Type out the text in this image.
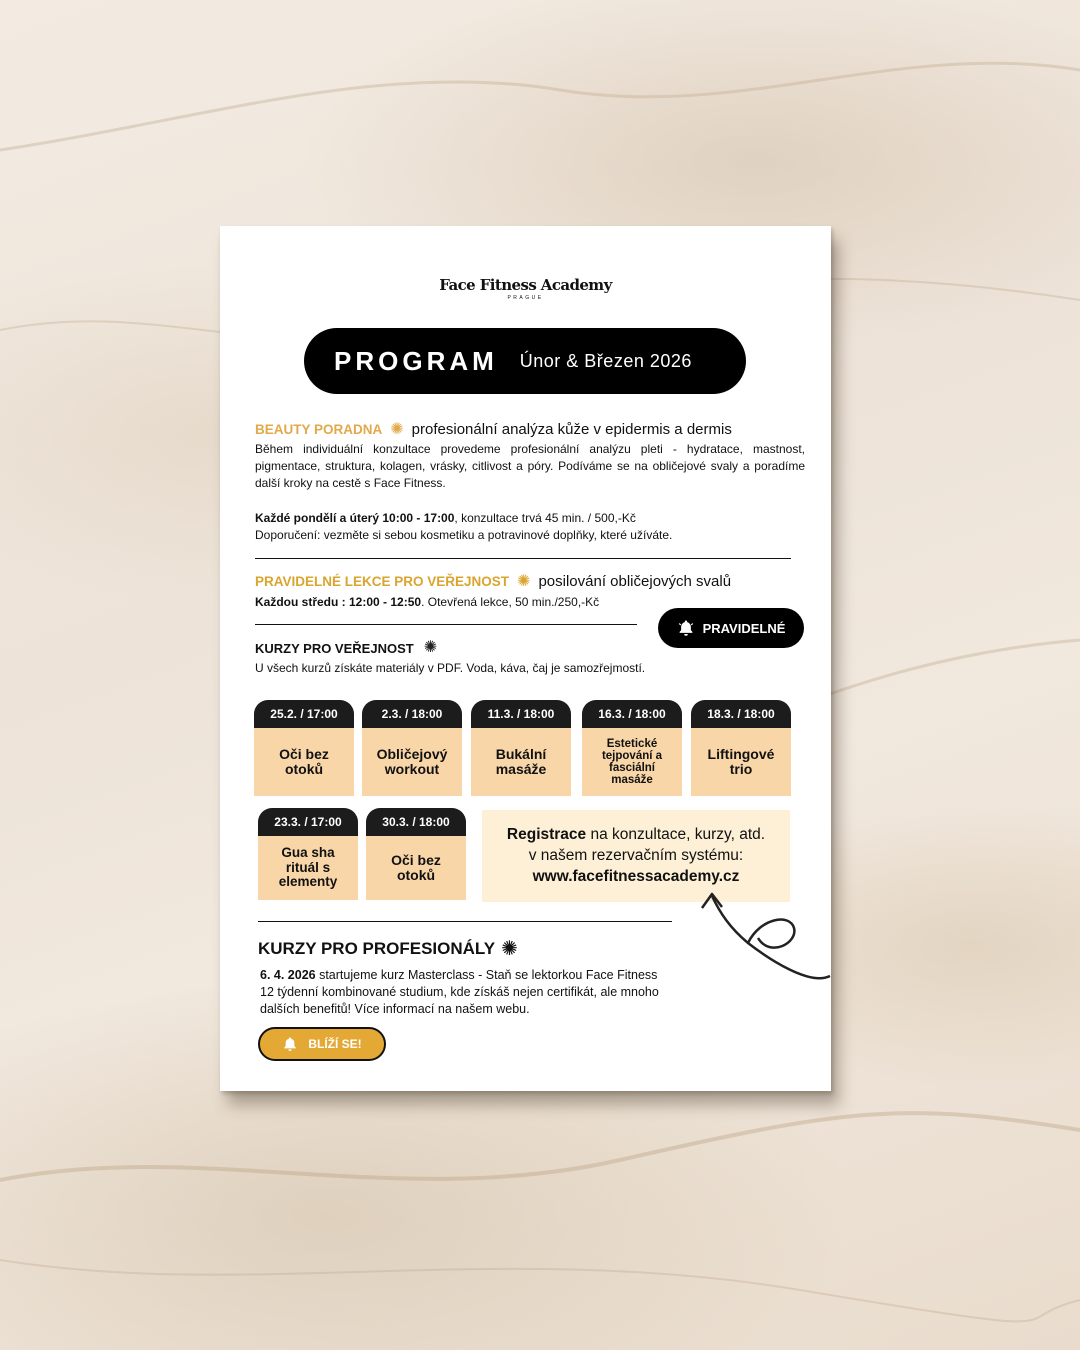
Face Fitness Academy
PRAGUE
PROGRAM Únor & Březen 2026
BEAUTY PORADNA ✺ profesionální analýza kůže v epidermis a dermis
Během individuální konzultace provedeme profesionální analýzu pleti - hydratace, mastnost, pigmentace, struktura, kolagen, vrásky, citlivost a póry. Podíváme se na obličejové svaly a poradíme další kroky na cestě s Face Fitness.
Každé pondělí a úterý 10:00 - 17:00, konzultace trvá 45 min. / 500,-Kč
Doporučení: vezměte si sebou kosmetiku a potravinové doplňky, které užíváte.
PRAVIDELNÉ LEKCE PRO VEŘEJNOST ✺ posilování obličejových svalů
Každou středu : 12:00 - 12:50. Otevřená lekce, 50 min./250,-Kč
PRAVIDELNÉ
KURZY PRO VEŘEJNOST ✺
U všech kurzů získáte materiály v PDF. Voda, káva, čaj je samozřejmostí.
25.2. / 17:00
Oči bez otoků
2.3. / 18:00
Obličejový workout
11.3. / 18:00
Bukální masáže
16.3. / 18:00
Estetické tejpování a fasciální masáže
18.3. / 18:00
Liftingové trio
23.3. / 17:00
Gua sha rituál s elementy
30.3. / 18:00
Oči bez otoků
Registrace na konzultace, kurzy, atd.
v našem rezervačním systému:
www.facefitnessacademy.cz
KURZY PRO PROFESIONÁLY ✺
6. 4. 2026 startujeme kurz Masterclass - Staň se lektorkou Face Fitness
12 týdenní kombinované studium, kde získáš nejen certifikát, ale mnoho
dalších benefitů! Více informací na našem webu.
BLÍŽÍ SE!
